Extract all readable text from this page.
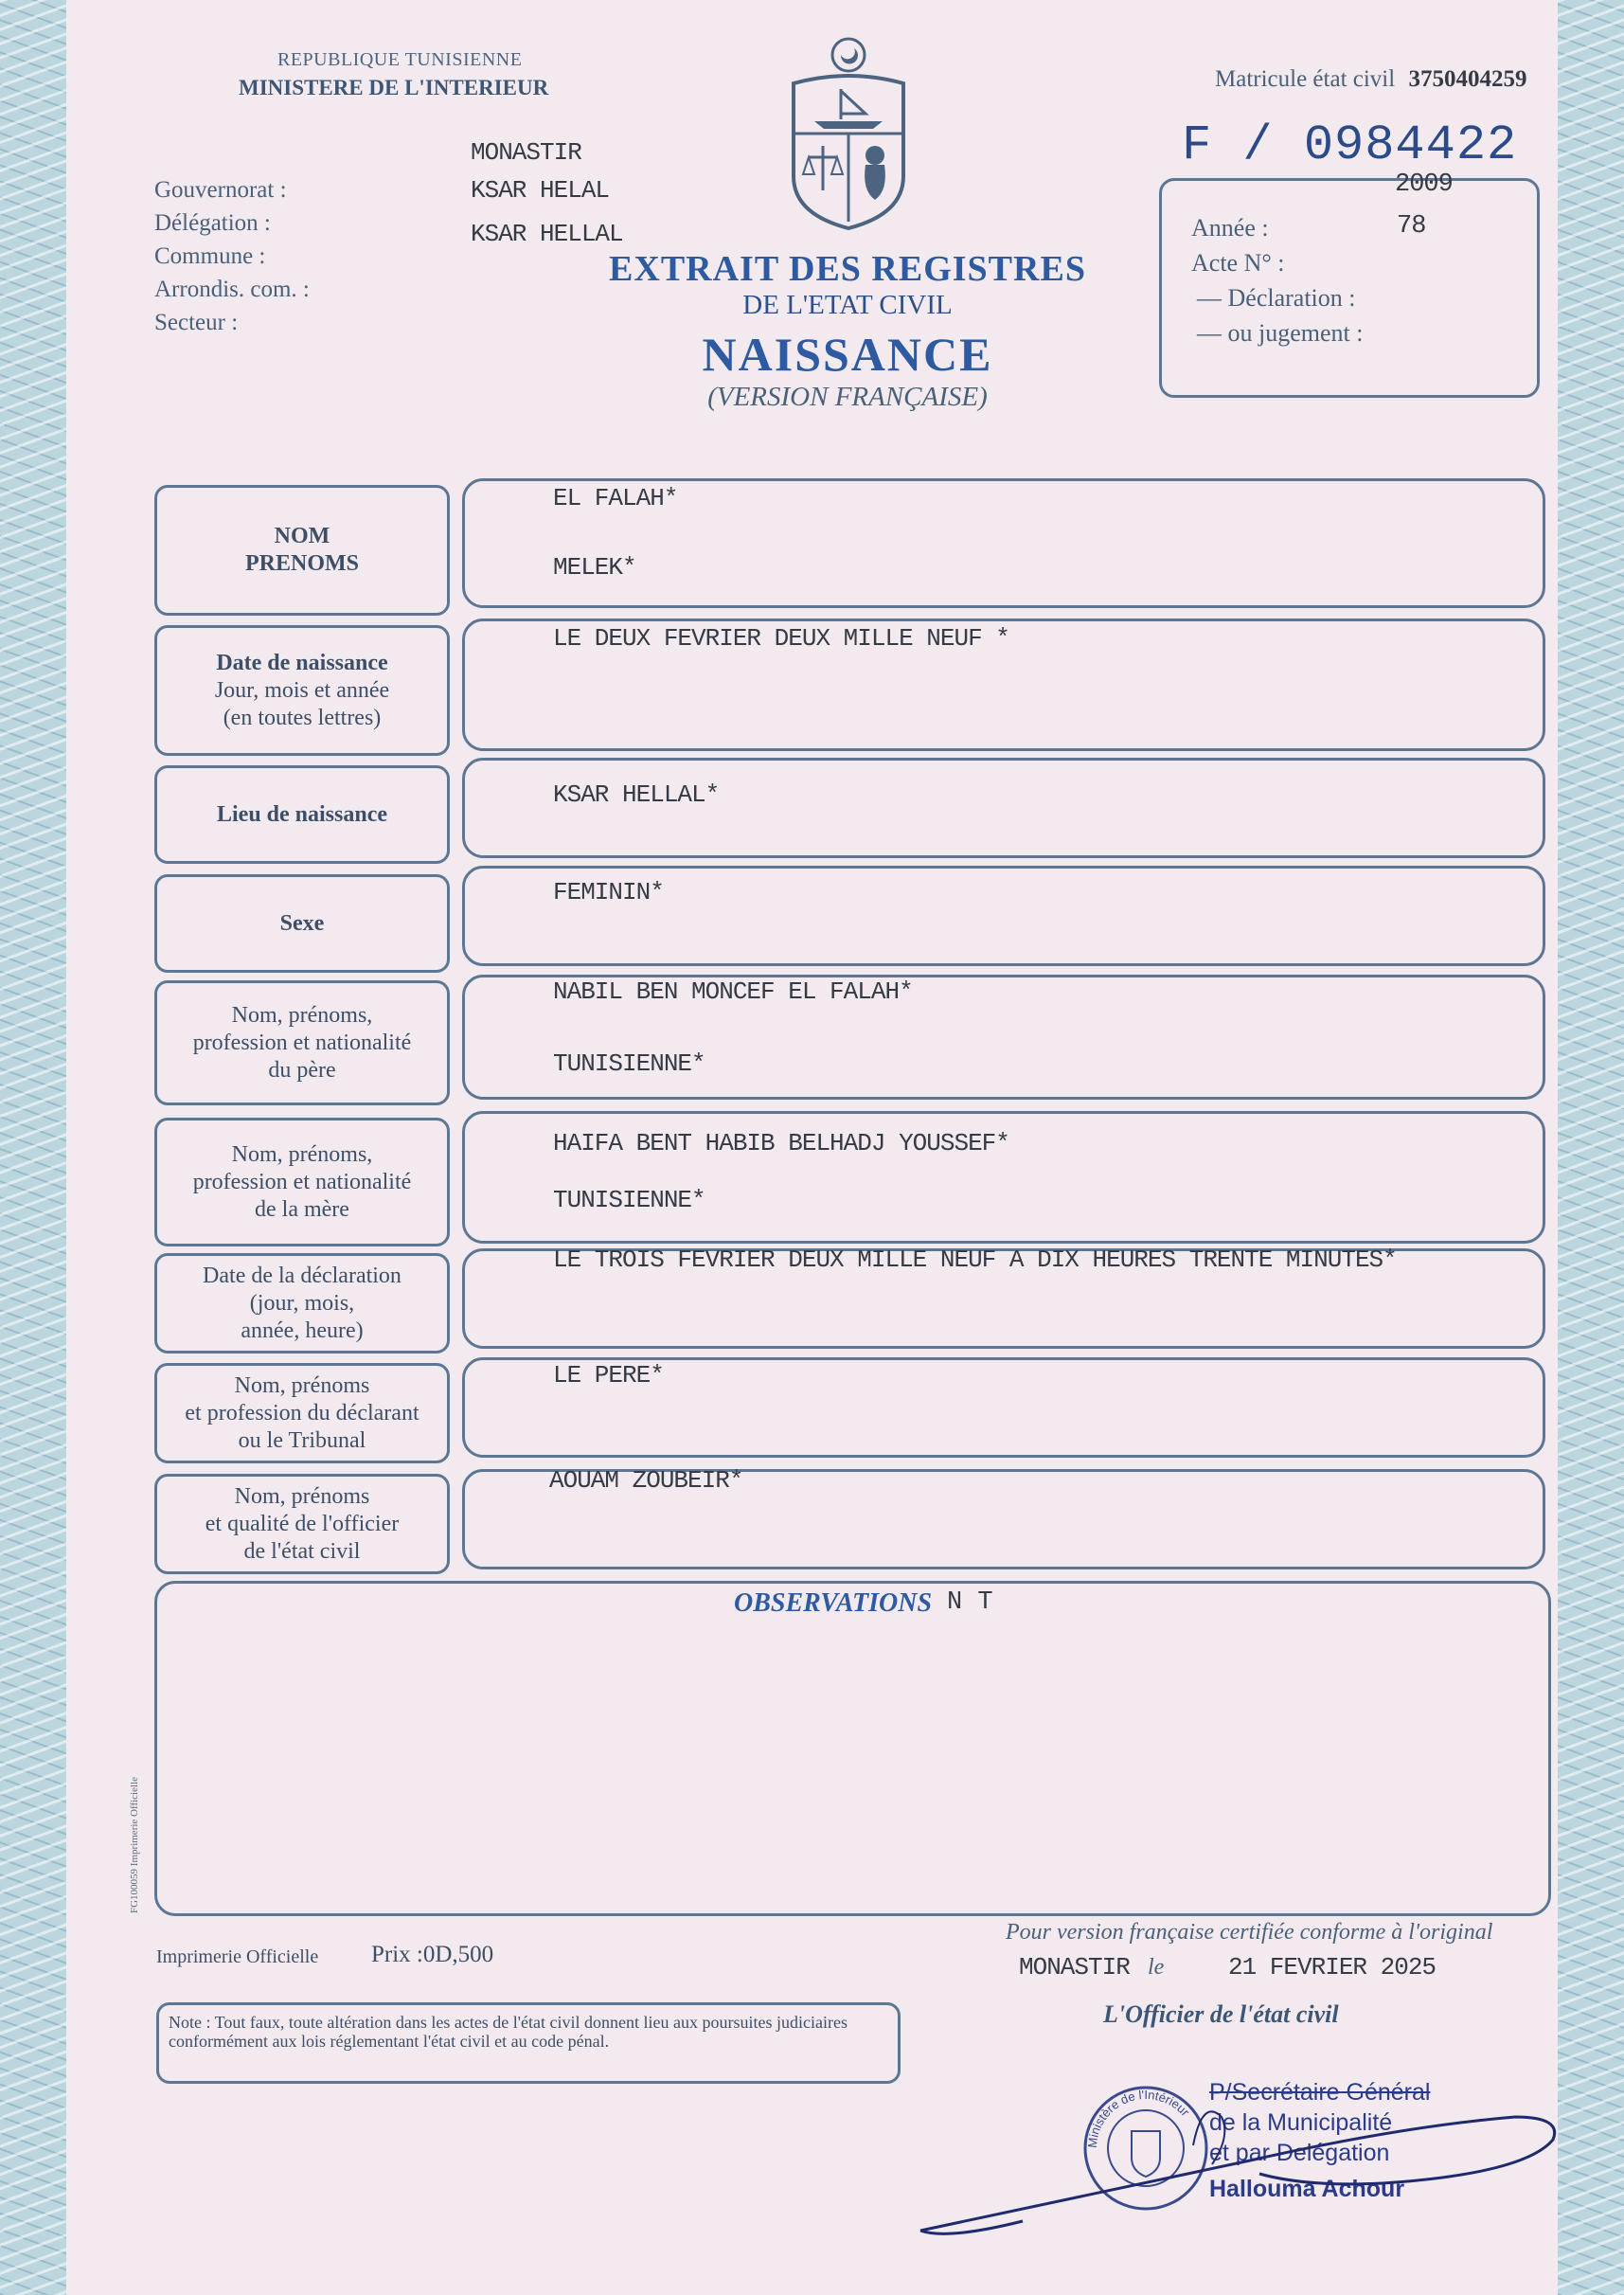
REPUBLIQUE TUNISIENNE
MINISTERE DE L'INTERIEUR	Matricule état civil 3750404259
F / 0984422
Gouvernorat :
Délégation :
Commune :
Arrondis. com. :
Secteur :
MONASTIR
KSAR HELAL
KSAR HELLAL
EXTRAIT DES REGISTRES
DE L'ETAT CIVIL
NAISSANCE
(VERSION FRANÇAISE)
Année :
Acte N° :
— Déclaration :
— ou jugement :
2009
78
NOM
PRENOMS
EL FALAH*
MELEK*
Date de naissance
Jour, mois et année
(en toutes lettres)
LE DEUX FEVRIER DEUX MILLE NEUF *
Lieu de naissance
KSAR HELLAL*
Sexe
FEMININ*
Nom, prénoms,
profession et nationalité
du père
NABIL BEN MONCEF EL FALAH*
TUNISIENNE*
Nom, prénoms,
profession et nationalité
de la mère
HAIFA BENT HABIB BELHADJ YOUSSEF*
TUNISIENNE*
Date de la déclaration
(jour, mois,
année, heure)
LE TROIS FEVRIER DEUX MILLE NEUF A DIX HEURES TRENTE MINUTES*
Nom, prénoms
et profession du déclarant
ou le Tribunal
LE PERE*
Nom, prénoms
et qualité de l'officier
de l'état civil
AOUAM ZOUBEIR*
OBSERVATIONS N T
FG100059 Imprimerie Officielle
Imprimerie Officielle Prix :0D,500
Pour version française certifiée conforme à l'original
MONASTIR le	21 FEVRIER 2025
L'Officier de l'état civil
Note : Tout faux, toute altération dans les actes de l'état civil donnent lieu aux poursuites judiciaires conformément aux lois réglementant l'état civil et au code pénal.
Ministère de l'Intérieur
P/Secrétaire Général
de la Municipalité
et par Delégation
Hallouma Achour
